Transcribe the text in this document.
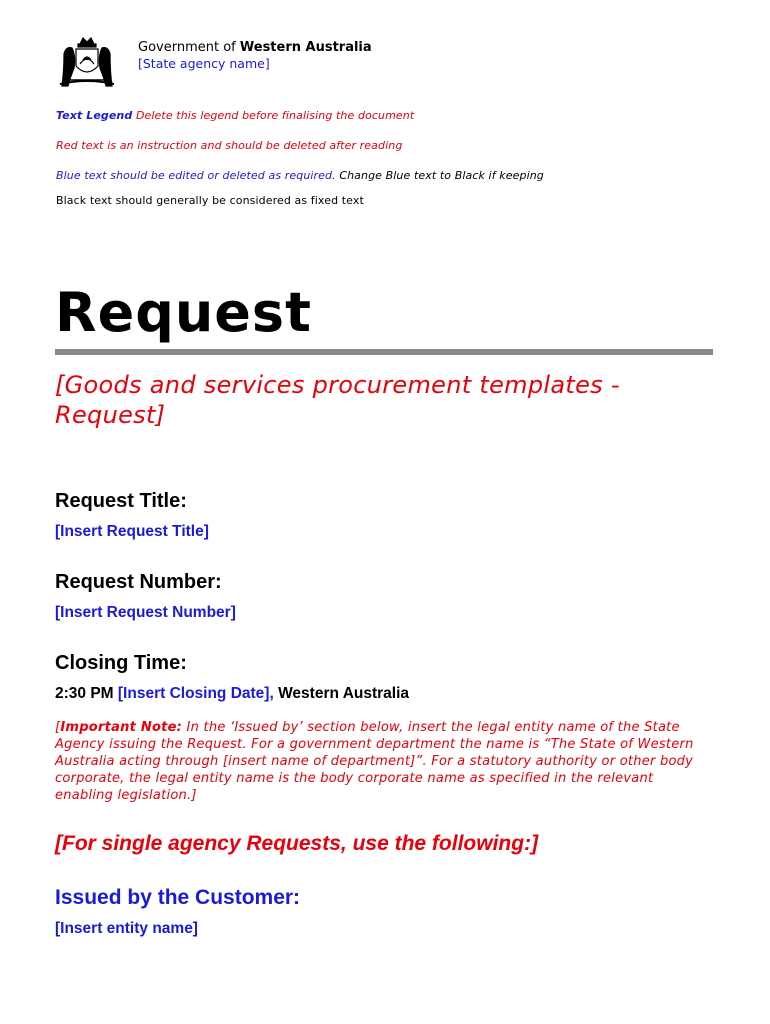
Government of Western Australia
[State agency name]
Text Legend Delete this legend before finalising the document
Red text is an instruction and should be deleted after reading
Blue text should be edited or deleted as required. Change Blue text to Black if keeping
Black text should generally be considered as fixed text
Request
[Goods and services procurement templates - Request]
Request Title:
[Insert Request Title]
Request Number:
[Insert Request Number]
Closing Time:
2:30 PM [Insert Closing Date], Western Australia
[Important Note: In the ‘Issued by’ section below, insert the legal entity name of the State Agency issuing the Request. For a government department the name is “The State of Western Australia acting through [insert name of department]”. For a statutory authority or other body corporate, the legal entity name is the body corporate name as specified in the relevant enabling legislation.]
[For single agency Requests, use the following:]
Issued by the Customer:
[Insert entity name]
